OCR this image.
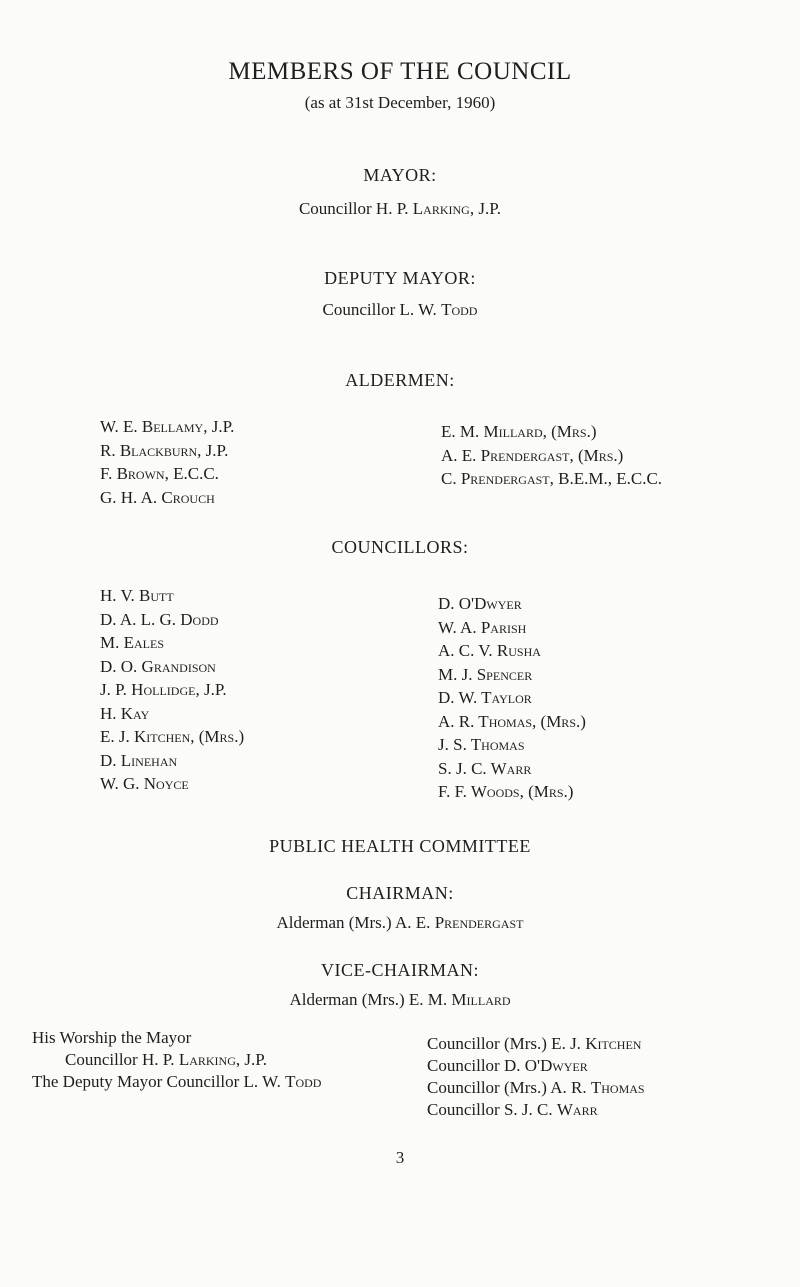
MEMBERS OF THE COUNCIL
(as at 31st December, 1960)
MAYOR:
Councillor H. P. Larking, J.P.
DEPUTY MAYOR:
Councillor L. W. Todd
ALDERMEN:
W. E. Bellamy, J.P.
R. Blackburn, J.P.
F. Brown, E.C.C.
G. H. A. Crouch
E. M. Millard, (Mrs.)
A. E. Prendergast, (Mrs.)
C. Prendergast, B.E.M., E.C.C.
COUNCILLORS:
H. V. Butt
D. A. L. G. Dodd
M. Eales
D. O. Grandison
J. P. Hollidge, J.P.
H. Kay
E. J. Kitchen, (Mrs.)
D. Linehan
W. G. Noyce
D. O'Dwyer
W. A. Parish
A. C. V. Rusha
M. J. Spencer
D. W. Taylor
A. R. Thomas, (Mrs.)
J. S. Thomas
S. J. C. Warr
F. F. Woods, (Mrs.)
PUBLIC HEALTH COMMITTEE
CHAIRMAN:
Alderman (Mrs.) A. E. Prendergast
VICE-CHAIRMAN:
Alderman (Mrs.) E. M. Millard
His Worship the Mayor
Councillor H. P. Larking, J.P.
The Deputy Mayor Councillor L. W. Todd
Councillor (Mrs.) E. J. Kitchen
Councillor D. O'Dwyer
Councillor (Mrs.) A. R. Thomas
Councillor S. J. C. Warr
3
